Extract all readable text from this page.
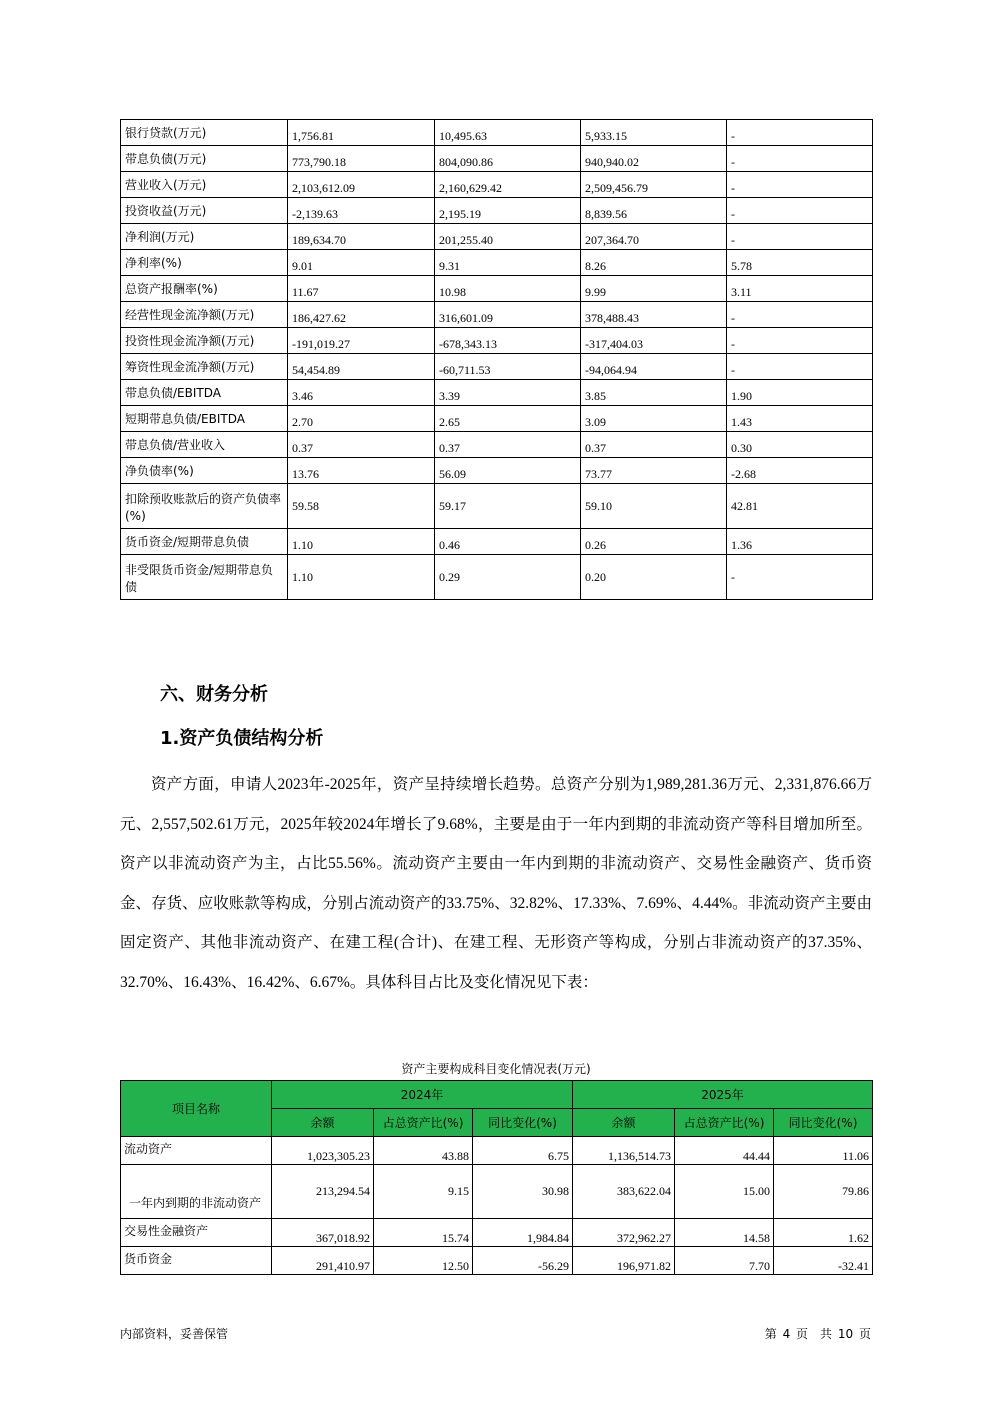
银行贷款(万元)	1,756.81	10,495.63	5,933.15	-
带息负债(万元)	773,790.18	804,090.86	940,940.02	-
营业收入(万元)	2,103,612.09	2,160,629.42	2,509,456.79	-
投资收益(万元)	-2,139.63	2,195.19	8,839.56	-
净利润(万元)	189,634.70	201,255.40	207,364.70	-
净利率(%)	9.01	9.31	8.26	5.78
总资产报酬率(%)	11.67	10.98	9.99	3.11
经营性现金流净额(万元)	186,427.62	316,601.09	378,488.43	-
投资性现金流净额(万元)	-191,019.27	-678,343.13	-317,404.03	-
筹资性现金流净额(万元)	54,454.89	-60,711.53	-94,064.94	-
带息负债/EBITDA	3.46	3.39	3.85	1.90
短期带息负债/EBITDA	2.70	2.65	3.09	1.43
带息负债/营业收入	0.37	0.37	0.37	0.30
净负债率(%)	13.76	56.09	73.77	-2.68
扣除预收账款后的资产负债率(%)	59.58	59.17	59.10	42.81
货币资金/短期带息负债	1.10	0.46	0.26	1.36
非受限货币资金/短期带息负债	1.10	0.29	0.20	-
六、财务分析
1.资产负债结构分析

资产方面，申请人2023年-2025年，资产呈持续增长趋势。总资产分别为1,989,281.36万元、2,331,876.66万元、2,557,502.61万元，2025年较2024年增长了9.68%，主要是由于一年内到期的非流动资产等科目增加所至。资产以非流动资产为主，占比55.56%。流动资产主要由一年内到期的非流动资产、交易性金融资产、货币资金、存货、应收账款等构成，分别占流动资产的33.75%、32.82%、17.33%、7.69%、4.44%。非流动资产主要由固定资产、其他非流动资产、在建工程(合计)、在建工程、无形资产等构成，分别占非流动资产的37.35%、32.70%、16.43%、16.42%、6.67%。具体科目占比及变化情况见下表：

资产主要构成科目变化情况表(万元)
项目名称	2024年			2025年		
	余额	占总资产比(%)	同比变化(%)	余额	占总资产比(%)	同比变化(%)
流动资产	1,023,305.23	43.88	6.75	1,136,514.73	44.44	11.06
一年内到期的非流动资产	213,294.54	9.15	30.98	383,622.04	15.00	79.86
交易性金融资产	367,018.92	15.74	1,984.84	372,962.27	14.58	1.62
货币资金	291,410.97	12.50	-56.29	196,971.82	7.70	-32.41
内部资料，妥善保管	第 4 页　共 10 页
